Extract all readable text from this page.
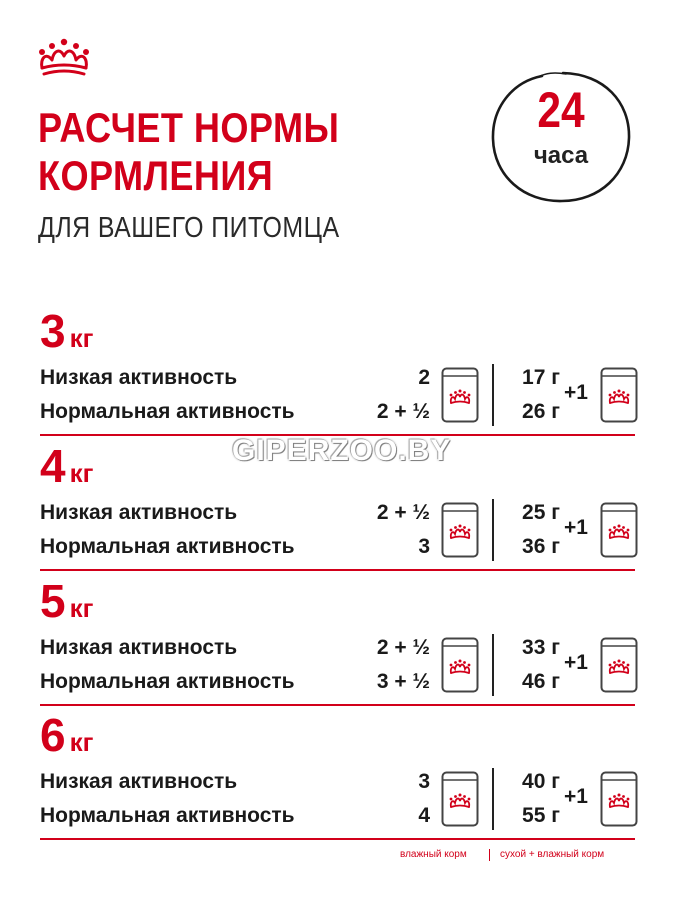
РАСЧЕТ НОРМЫ
КОРМЛЕНИЯ
ДЛЯ ВАШЕГО ПИТОМЦА
24
часа
GIPERZOO.BY
3 кг
Низкая активность	2	17 г
Нормальная активность	2 + ½	26 г
+1
4 кг
Низкая активность	2 + ½	25 г
Нормальная активность	3	36 г
+1
5 кг
Низкая активность	2 + ½	33 г
Нормальная активность	3 + ½	46 г
+1
6 кг
Низкая активность	3	40 г
Нормальная активность	4	55 г
+1
влажный корм	сухой + влажный корм
